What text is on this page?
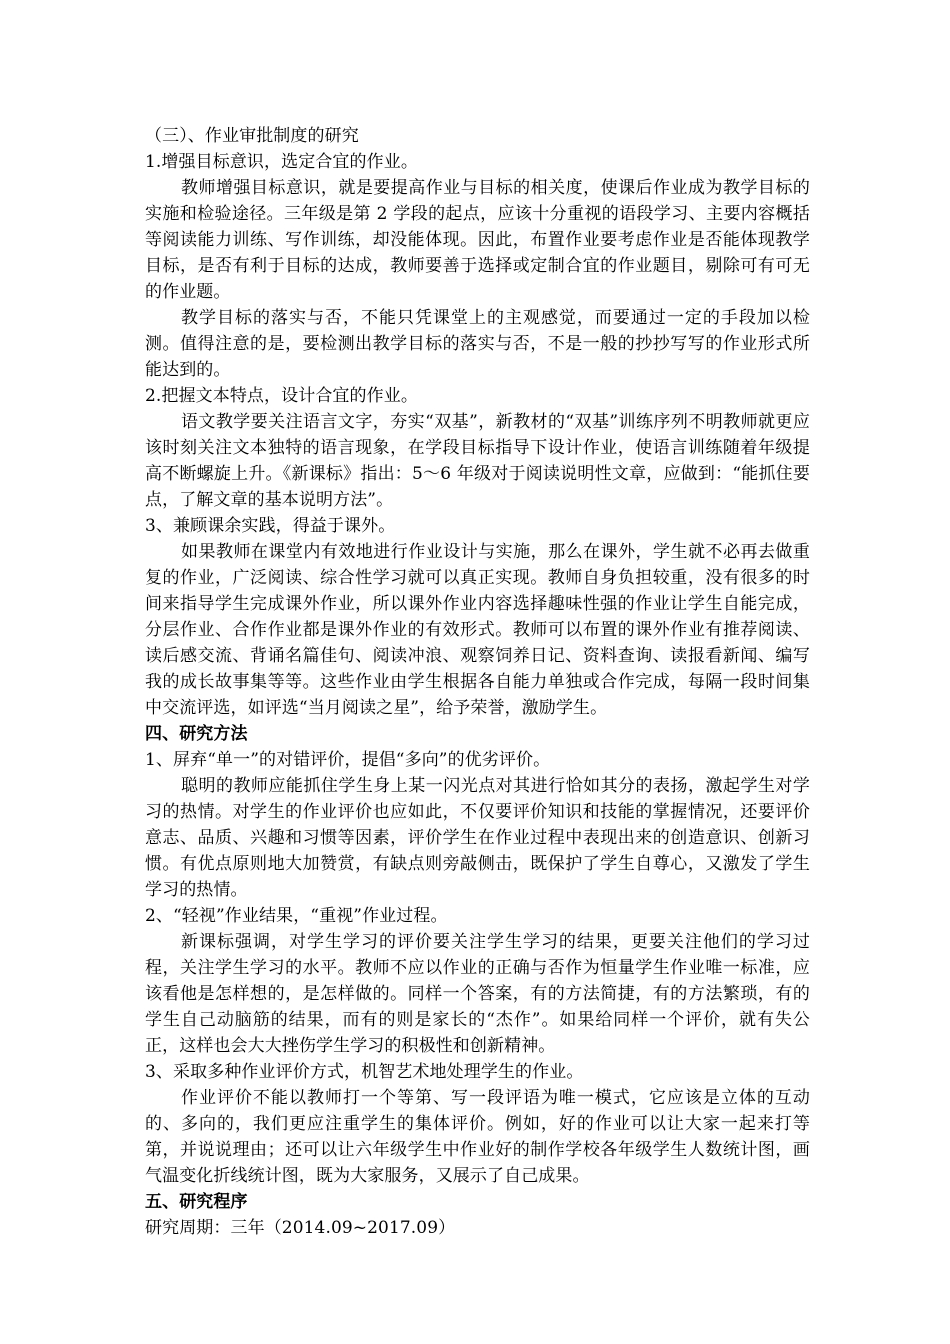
（三）、作业审批制度的研究

1.增强目标意识，选定合宜的作业。

教师增强目标意识，就是要提高作业与目标的相关度，使课后作业成为教学目标的实施和检验途径。三年级是第 2 学段的起点，应该十分重视的语段学习、主要内容概括等阅读能力训练、写作训练，却没能体现。因此，布置作业要考虑作业是否能体现教学目标，是否有利于目标的达成，教师要善于选择或定制合宜的作业题目，剔除可有可无的作业题。

教学目标的落实与否，不能只凭课堂上的主观感觉，而要通过一定的手段加以检测。值得注意的是，要检测出教学目标的落实与否，不是一般的抄抄写写的作业形式所能达到的。

2.把握文本特点，设计合宜的作业。

语文教学要关注语言文字，夯实“双基”，新教材的“双基”训练序列不明教师就更应该时刻关注文本独特的语言现象，在学段目标指导下设计作业，使语言训练随着年级提高不断螺旋上升。《新课标》指出：5～6 年级对于阅读说明性文章，应做到：“能抓住要点，了解文章的基本说明方法”。

3、兼顾课余实践，得益于课外。

如果教师在课堂内有效地进行作业设计与实施，那么在课外，学生就不必再去做重复的作业，广泛阅读、综合性学习就可以真正实现。教师自身负担较重，没有很多的时间来指导学生完成课外作业，所以课外作业内容选择趣味性强的作业让学生自能完成，分层作业、合作作业都是课外作业的有效形式。教师可以布置的课外作业有推荐阅读、读后感交流、背诵名篇佳句、阅读冲浪、观察饲养日记、资料查询、读报看新闻、编写我的成长故事集等等。这些作业由学生根据各自能力单独或合作完成，每隔一段时间集中交流评选，如评选“当月阅读之星”，给予荣誉，激励学生。

四、研究方法

1、屏弃“单一”的对错评价，提倡“多向”的优劣评价。

聪明的教师应能抓住学生身上某一闪光点对其进行恰如其分的表扬，激起学生对学习的热情。对学生的作业评价也应如此，不仅要评价知识和技能的掌握情况，还要评价意志、品质、兴趣和习惯等因素，评价学生在作业过程中表现出来的创造意识、创新习惯。有优点原则地大加赞赏，有缺点则旁敲侧击，既保护了学生自尊心，又激发了学生学习的热情。

2、“轻视”作业结果，“重视”作业过程。

新课标强调，对学生学习的评价要关注学生学习的结果，更要关注他们的学习过程，关注学生学习的水平。教师不应以作业的正确与否作为恒量学生作业唯一标准，应该看他是怎样想的，是怎样做的。同样一个答案，有的方法简捷，有的方法繁琐，有的学生自己动脑筋的结果，而有的则是家长的“杰作”。如果给同样一个评价，就有失公正，这样也会大大挫伤学生学习的积极性和创新精神。

3、采取多种作业评价方式，机智艺术地处理学生的作业。

作业评价不能以教师打一个等第、写一段评语为唯一模式，它应该是立体的互动的、多向的，我们更应注重学生的集体评价。例如，好的作业可以让大家一起来打等第，并说说理由；还可以让六年级学生中作业好的制作学校各年级学生人数统计图，画气温变化折线统计图，既为大家服务，又展示了自己成果。

五、研究程序

研究周期：三年（2014.09~2017.09）
